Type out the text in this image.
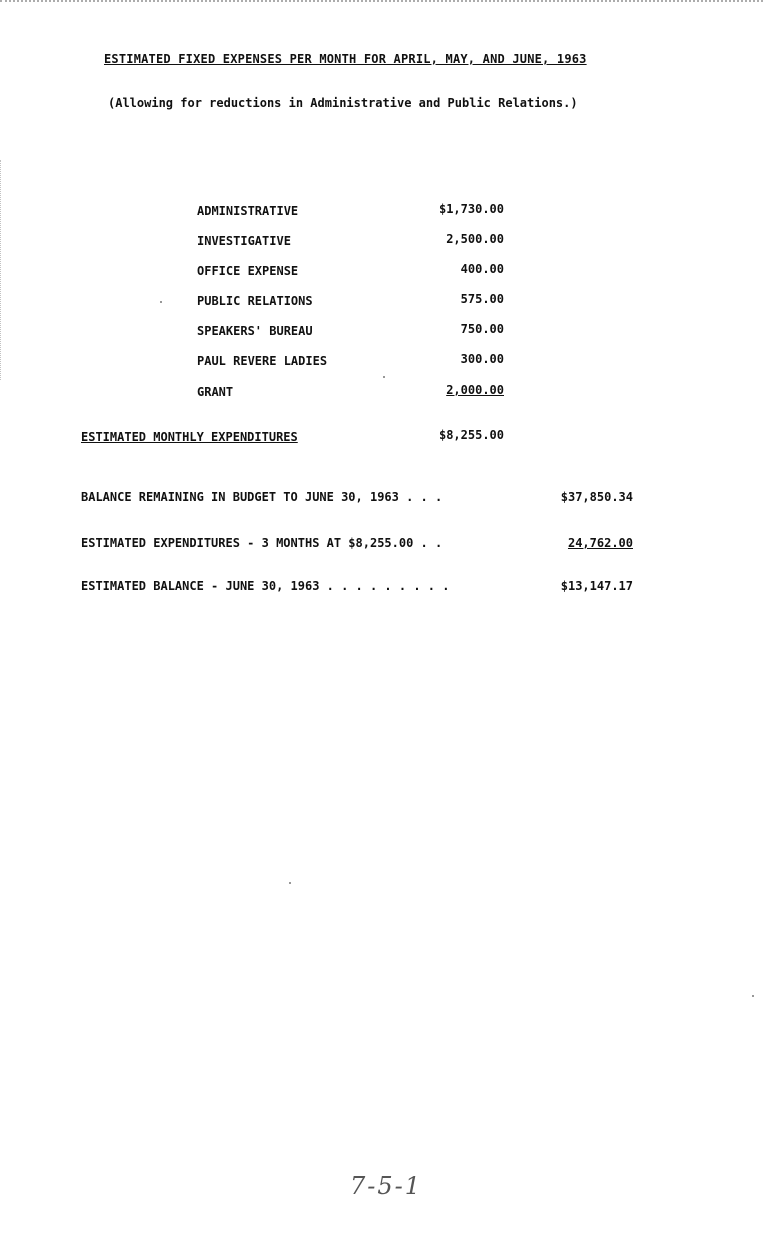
ESTIMATED FIXED EXPENSES PER MONTH FOR APRIL, MAY, AND JUNE, 1963
(Allowing for reductions in Administrative and Public Relations.)
ADMINISTRATIVE	$1,730.00
INVESTIGATIVE	2,500.00
OFFICE EXPENSE	400.00
PUBLIC RELATIONS	575.00
SPEAKERS' BUREAU	750.00
PAUL REVERE LADIES	300.00
GRANT	2,000.00
ESTIMATED MONTHLY EXPENDITURES	$8,255.00
BALANCE REMAINING IN BUDGET TO JUNE 30, 1963 . . .	$37,850.34
ESTIMATED EXPENDITURES - 3 MONTHS AT $8,255.00 . .	24,762.00
ESTIMATED BALANCE - JUNE 30, 1963 . . . . . . . . .	$13,147.17
7-5-1
